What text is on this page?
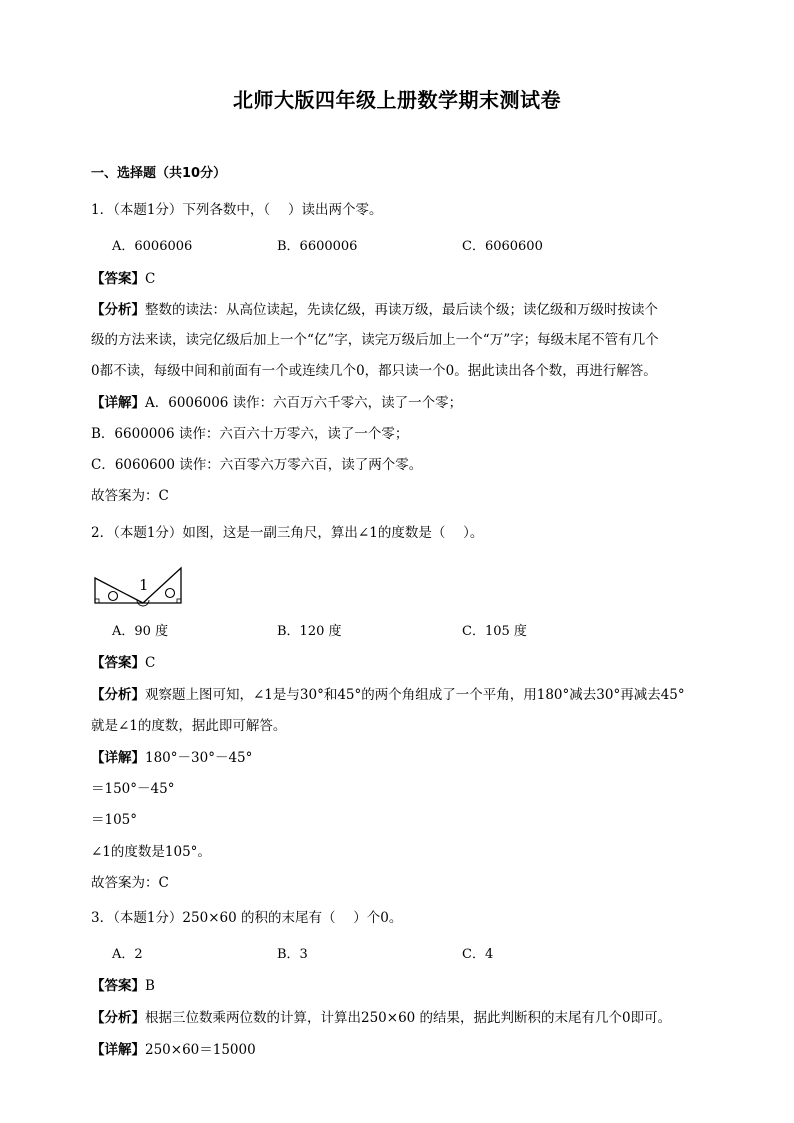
北师大版四年级上册数学期末测试卷
一、选择题（共10分）
1．（本题1分）下列各数中，（　 ）读出两个零。
A．6006006	B．6600006	C．6060600
【答案】C
【分析】整数的读法：从高位读起，先读亿级，再读万级，最后读个级；读亿级和万级时按读个
级的方法来读，读完亿级后加上一个“亿”字，读完万级后加上一个“万”字；每级末尾不管有几个
0都不读，每级中间和前面有一个或连续几个0，都只读一个0。据此读出各个数，再进行解答。
【详解】A．6006006 读作：六百万六千零六，读了一个零；
B．6600006 读作：六百六十万零六，读了一个零；
C．6060600 读作：六百零六万零六百，读了两个零。
故答案为：C
2．（本题1分）如图，这是一副三角尺，算出∠1的度数是（　 ）。
1
A．90 度	B．120 度	C．105 度
【答案】C
【分析】观察题上图可知，∠1是与30°和45°的两个角组成了一个平角，用180°减去30°再减去45°
就是∠1的度数，据此即可解答。
【详解】180°－30°－45°
＝150°－45°
＝105°
∠1的度数是105°。
故答案为：C
3．（本题1分）250×60 的积的末尾有（　 ）个0。
A．2	B．3	C．4
【答案】B
【分析】根据三位数乘两位数的计算，计算出250×60 的结果，据此判断积的末尾有几个0即可。
【详解】250×60＝15000
